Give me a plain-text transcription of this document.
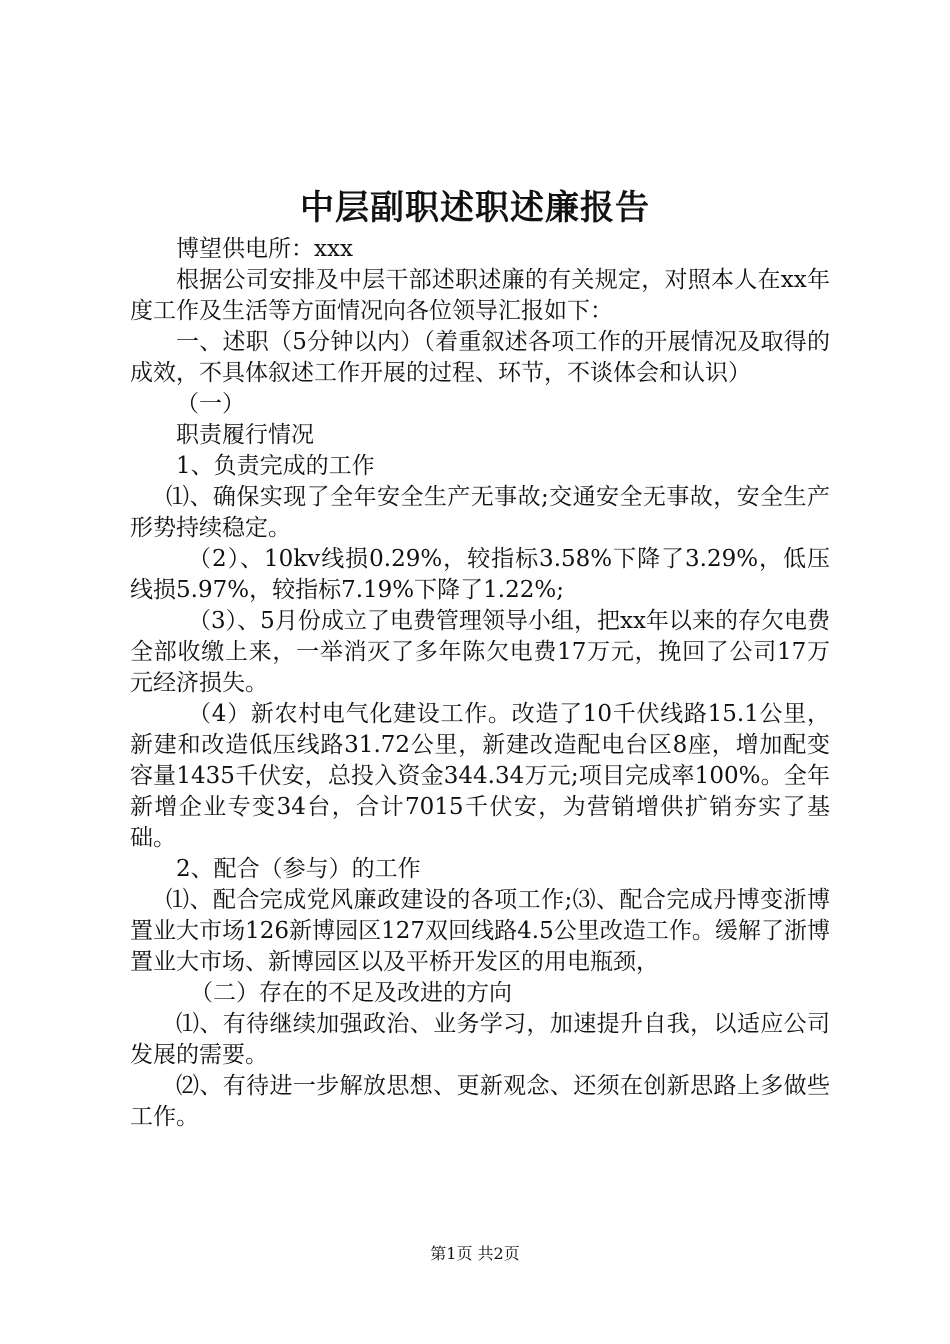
中层副职述职述廉报告

博望供电所：xxx

根据公司安排及中层干部述职述廉的有关规定，对照本人在xx年度工作及生活等方面情况向各位领导汇报如下：

一、述职（5分钟以内）（着重叙述各项工作的开展情况及取得的成效，不具体叙述工作开展的过程、环节，不谈体会和认识）

（一）

职责履行情况

1、负责完成的工作

⑴、确保实现了全年安全生产无事故;交通安全无事故，安全生产形势持续稳定。

（2）、10kv线损0.29%，较指标3.58%下降了3.29%，低压线损5.97%，较指标7.19%下降了1.22%;

（3）、5月份成立了电费管理领导小组，把xx年以来的存欠电费全部收缴上来，一举消灭了多年陈欠电费17万元，挽回了公司17万元经济损失。

（4）新农村电气化建设工作。改造了10千伏线路15.1公里，新建和改造低压线路31.72公里，新建改造配电台区8座，增加配变容量1435千伏安，总投入资金344.34万元;项目完成率100%。全年新增企业专变34台，合计7015千伏安，为营销增供扩销夯实了基础。

2、配合（参与）的工作

⑴、配合完成党风廉政建设的各项工作;⑶、配合完成丹博变浙博置业大市场126新博园区127双回线路4.5公里改造工作。缓解了浙博置业大市场、新博园区以及平桥开发区的用电瓶颈，

（二）存在的不足及改进的方向

⑴、有待继续加强政治、业务学习，加速提升自我，以适应公司发展的需要。

⑵、有待进一步解放思想、更新观念、还须在创新思路上多做些工作。

第1页 共2页
